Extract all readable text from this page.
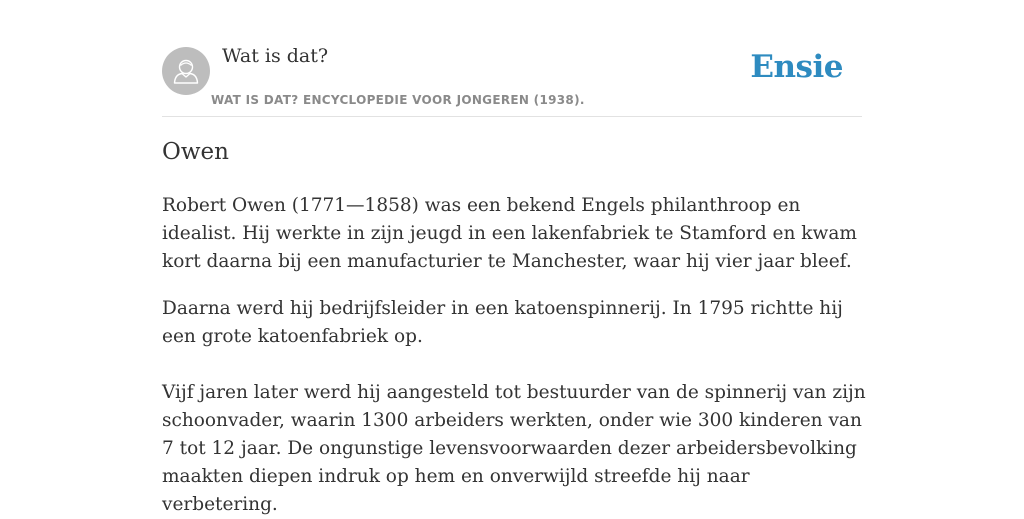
Wat is dat?
WAT IS DAT? ENCYCLOPEDIE VOOR JONGEREN (1938).
Ensie
Owen

Robert Owen (1771—1858) was een bekend Engels philanthroop en idealist. Hij werkte in zijn jeugd in een lakenfabriek te Stamford en kwam kort daarna bij een manufacturier te Manchester, waar hij vier jaar bleef.

Daarna werd hij bedrijfsleider in een katoenspinnerij. In 1795 richtte hij een grote katoenfabriek op.

Vijf jaren later werd hij aangesteld tot bestuurder van de spinnerij van zijn schoonvader, waarin 1300 arbeiders werkten, onder wie 300 kinderen van 7 tot 12 jaar. De ongunstige levensvoorwaarden dezer arbeidersbevolking maakten diepen indruk op hem en onverwijld streefde hij naar verbetering.
